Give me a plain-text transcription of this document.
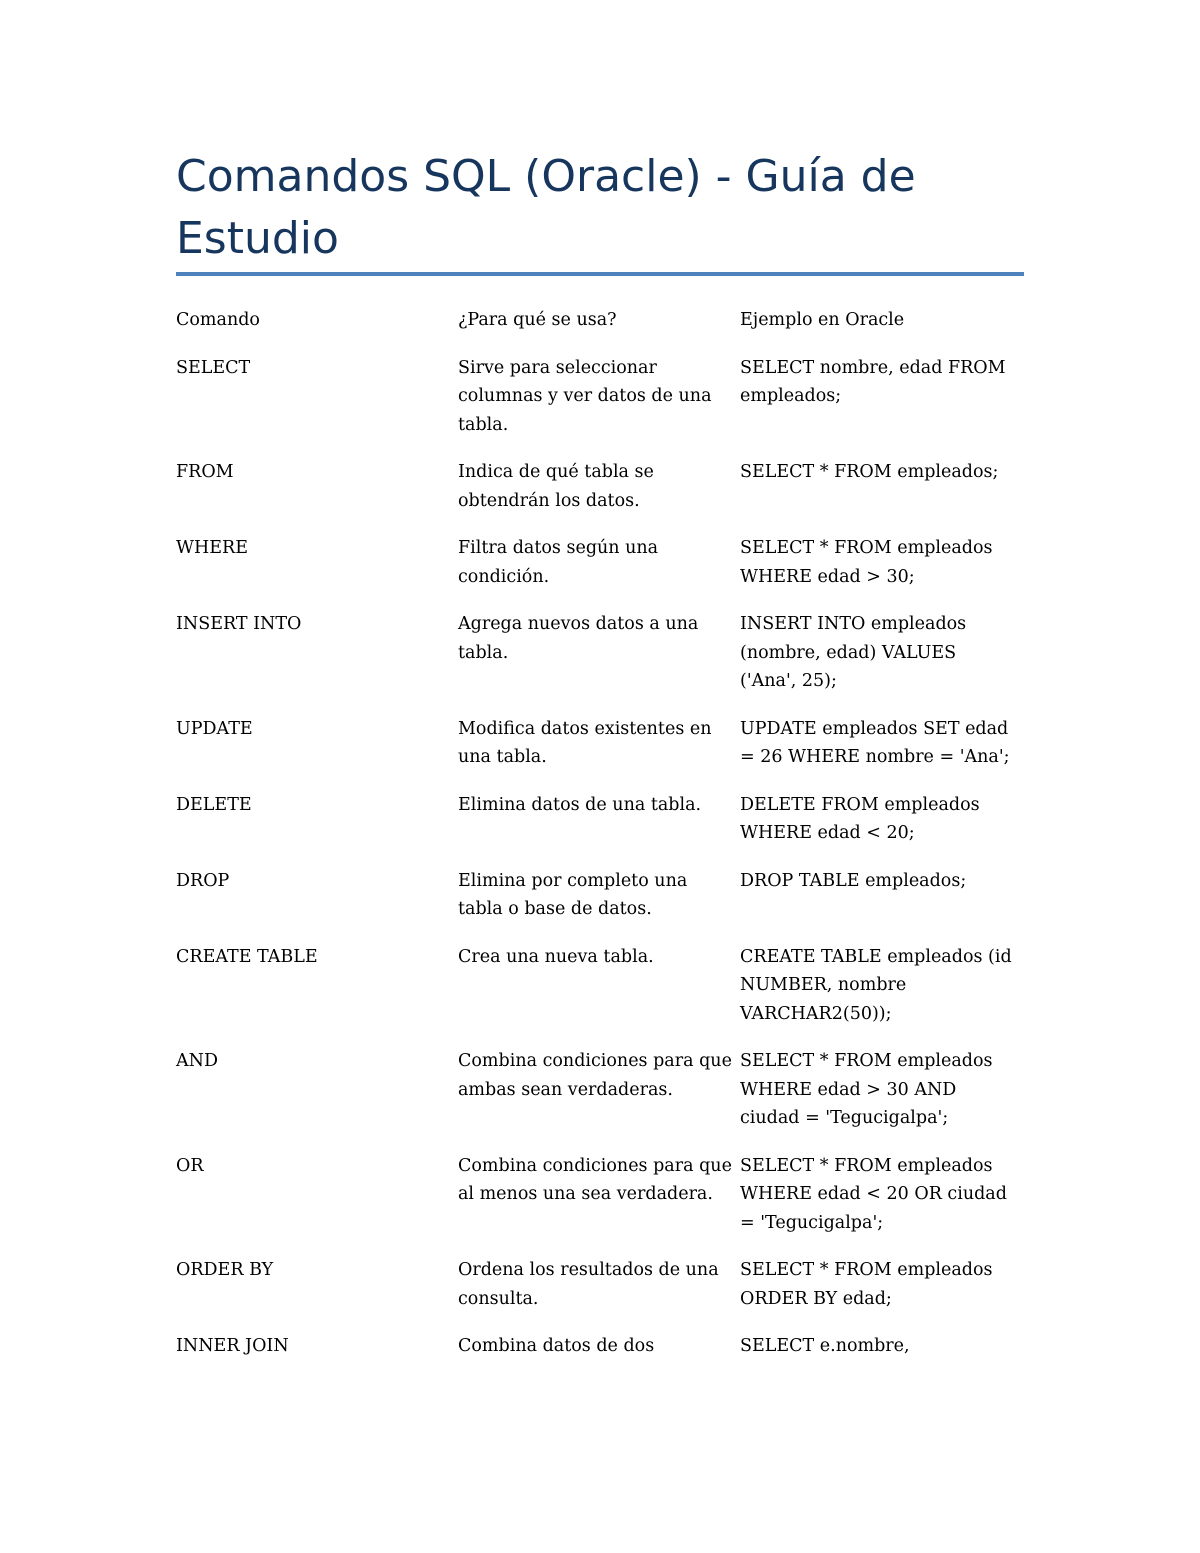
Comandos SQL (Oracle) - Guía de Estudio
Comando	¿Para qué se usa?	Ejemplo en Oracle
SELECT	Sirve para seleccionar columnas y ver datos de una tabla.	SELECT nombre, edad FROM empleados;
FROM	Indica de qué tabla se obtendrán los datos.	SELECT * FROM empleados;
WHERE	Filtra datos según una condición.	SELECT * FROM empleados WHERE edad > 30;
INSERT INTO	Agrega nuevos datos a una tabla.	INSERT INTO empleados (nombre, edad) VALUES ('Ana', 25);
UPDATE	Modifica datos existentes en una tabla.	UPDATE empleados SET edad = 26 WHERE nombre = 'Ana';
DELETE	Elimina datos de una tabla.	DELETE FROM empleados WHERE edad < 20;
DROP	Elimina por completo una tabla o base de datos.	DROP TABLE empleados;
CREATE TABLE	Crea una nueva tabla.	CREATE TABLE empleados (id NUMBER, nombre VARCHAR2(50));
AND	Combina condiciones para que ambas sean verdaderas.	SELECT * FROM empleados WHERE edad > 30 AND ciudad = 'Tegucigalpa';
OR	Combina condiciones para que al menos una sea verdadera.	SELECT * FROM empleados WHERE edad < 20 OR ciudad = 'Tegucigalpa';
ORDER BY	Ordena los resultados de una consulta.	SELECT * FROM empleados ORDER BY edad;
INNER JOIN	Combina datos de dos	SELECT e.nombre,
